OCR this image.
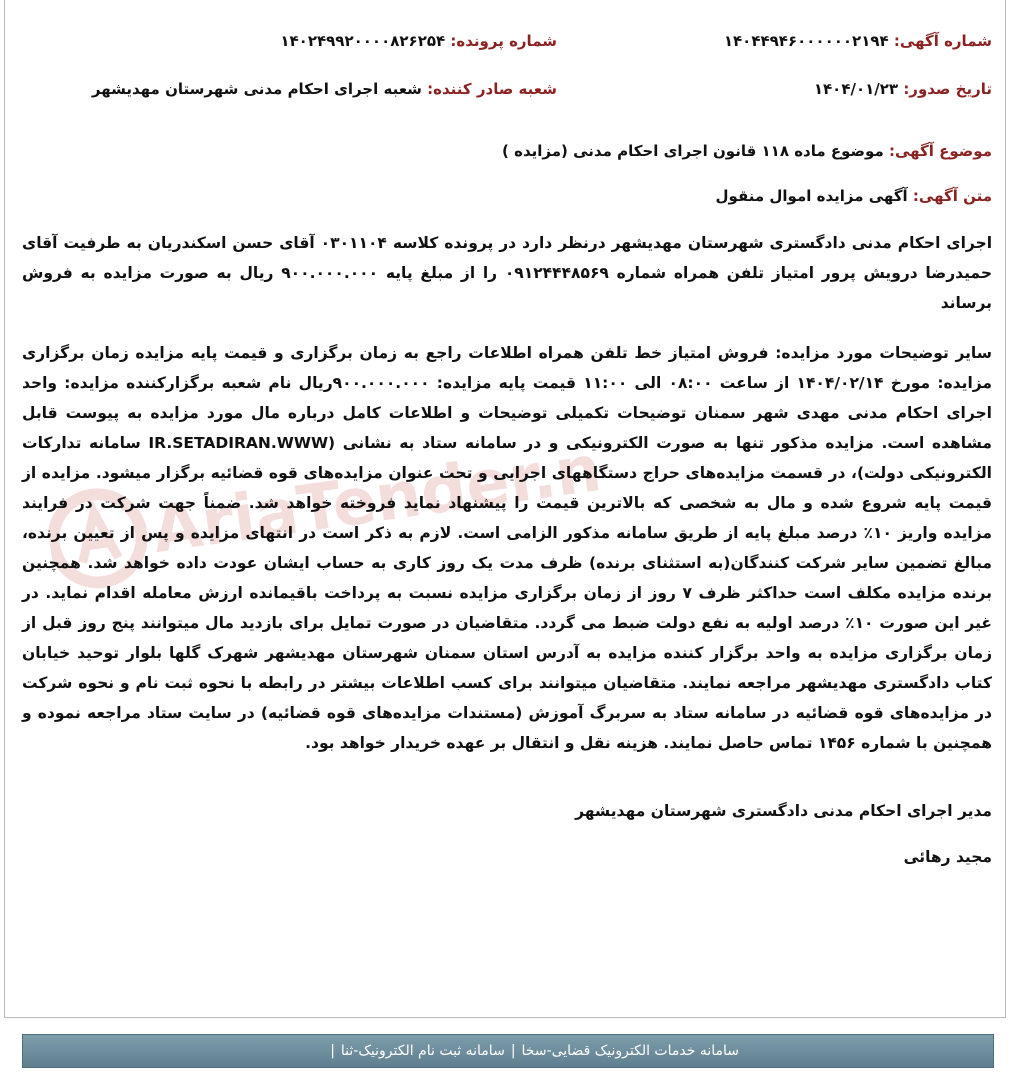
AriaTender.net
شماره آگهی: ۱۴۰۴۴۹۴۶۰۰۰۰۰۰۲۱۹۴
شماره پرونده: ۱۴۰۲۴۹۹۲۰۰۰۰۸۲۶۲۵۴
تاریخ صدور: ۱۴۰۴/۰۱/۲۳
شعبه صادر کننده: شعبه اجرای احکام مدنی شهرستان مهدیشهر
موضوع آگهی: موضوع ماده ۱۱۸ قانون اجرای احکام مدنی (مزایده )
متن آگهی: آگهی مزایده اموال منقول
اجرای احکام مدنی دادگستری شهرستان مهدیشهر درنظر دارد در پرونده کلاسه ۰۳۰۱۱۰۴ آقای حسن اسکندریان به طرفیت آقای حمیدرضا درویش پرور امتیاز تلفن همراه شماره ۰۹۱۲۴۴۴۸۵۶۹ را از مبلغ پایه ۹۰۰.۰۰۰.۰۰۰ ریال به صورت مزایده به فروش برساند
سایر توضیحات مورد مزایده: فروش امتیاز خط تلفن همراه اطلاعات راجع به زمان برگزاری و قیمت پایه مزایده زمان برگزاری مزایده: مورخ ۱۴۰۴/۰۲/۱۴ از ساعت ۰۸:۰۰ الی ۱۱:۰۰ قیمت پایه مزایده: ۹۰۰.۰۰۰.۰۰۰ریال نام شعبه برگزارکننده مزایده: واحد اجرای احکام مدنی مهدی شهر سمنان توضیحات تکمیلی توضیحات و اطلاعات کامل درباره مال مورد مزایده به پیوست قابل مشاهده است. مزایده مذکور تنها به صورت الکترونیکی و در سامانه ستاد به نشانی (IR.SETADIRAN.WWW سامانه تدارکات الکترونیکی دولت)، در قسمت مزایده‌های حراج دستگاههای اجرایی و تحت عنوان مزایده‌های قوه قضائیه برگزار میشود. مزایده از قیمت پایه شروع شده و مال به شخصی که بالاترین قیمت را پیشنهاد نماید فروخته خواهد شد. ضمناً جهت شرکت در فرایند مزایده واریز ۱۰٪ درصد مبلغ پایه از طریق سامانه مذکور الزامی است. لازم به ذکر است در انتهای مزایده و پس از تعیین برنده، مبالغ تضمین سایر شرکت کنندگان(به استثنای برنده) ظرف مدت یک روز کاری به حساب ایشان عودت داده خواهد شد. همچنین برنده مزایده مکلف است حداکثر ظرف ۷ روز از زمان برگزاری مزایده نسبت به پرداخت باقیمانده ارزش معامله اقدام نماید. در غیر این صورت ۱۰٪ درصد اولیه به نفع دولت ضبط می گردد. متقاضیان در صورت تمایل برای بازدید مال میتوانند پنج روز قبل از زمان برگزاری مزایده به واحد برگزار کننده مزایده به آدرس استان سمنان شهرستان مهدیشهر شهرک گلها بلوار توحید خیابان کتاب دادگستری مهدیشهر مراجعه نمایند. متقاضیان میتوانند برای کسب اطلاعات بیشتر در رابطه با نحوه ثبت نام و نحوه شرکت در مزایده‌های قوه قضائیه در سامانه ستاد به سربرگ آموزش (مستندات مزایده‌های قوه قضائیه) در سایت ستاد مراجعه نموده و همچنین با شماره ۱۴۵۶ تماس حاصل نمایند. هزینه نقل و انتقال بر عهده خریدار خواهد بود.
مدیر اجرای احکام مدنی دادگستری شهرستان مهدیشهر
مجید رهائی
سامانه خدمات الکترونیک قضایی-سخا|سامانه ثبت نام الکترونیک-ثنا|
